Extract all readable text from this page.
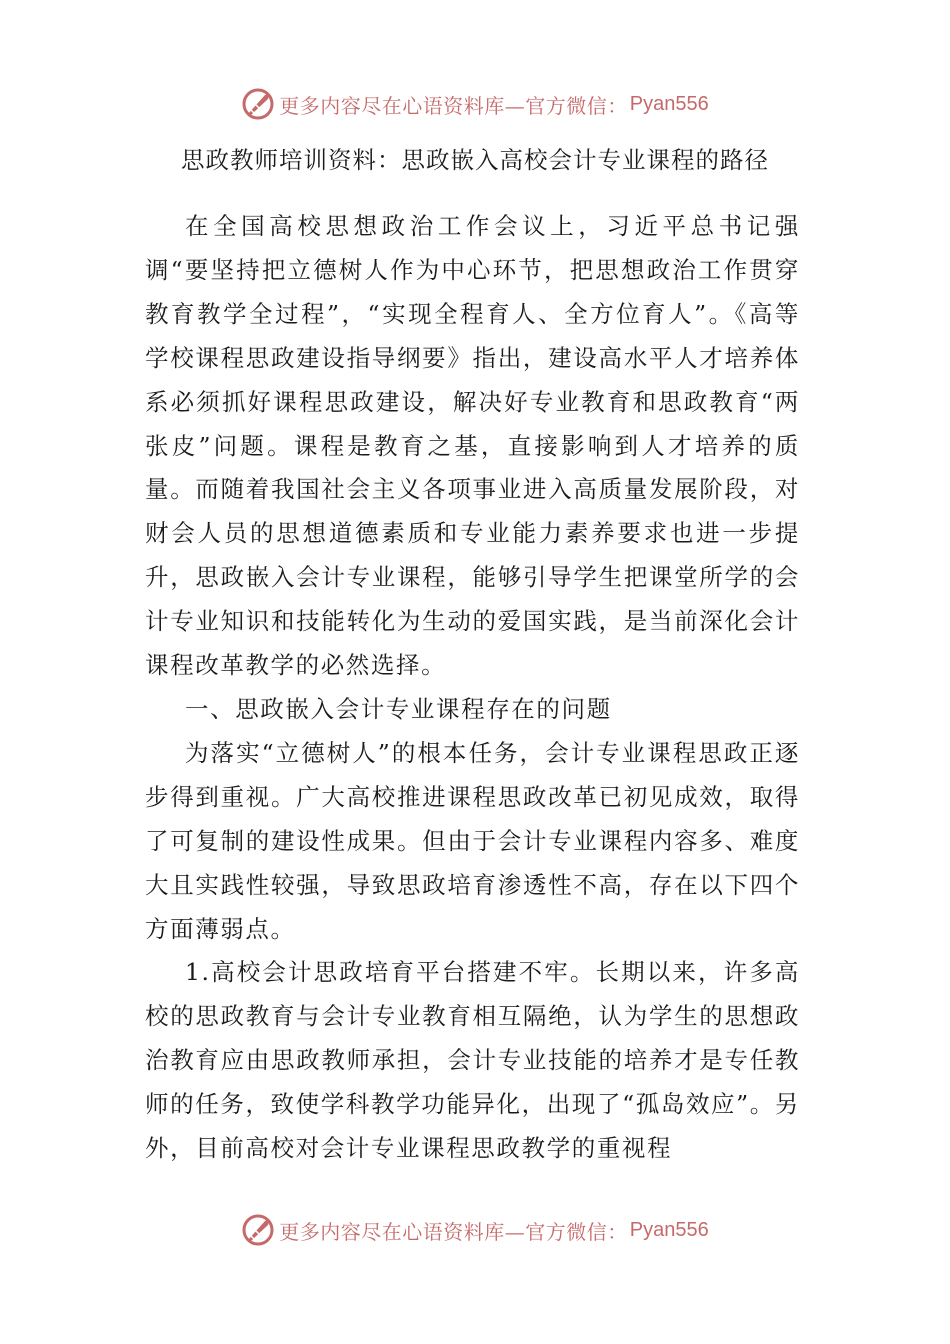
更多内容尽在心语资料库—官方微信： Pyan556
思政教师培训资料：思政嵌入高校会计专业课程的路径

在全国高校思想政治工作会议上，习近平总书记强调“要坚持把立德树人作为中心环节，把思想政治工作贯穿教育教学全过程”，“实现全程育人、全方位育人”。《高等学校课程思政建设指导纲要》指出，建设高水平人才培养体系必须抓好课程思政建设，解决好专业教育和思政教育“两张皮”问题。课程是教育之基，直接影响到人才培养的质量。而随着我国社会主义各项事业进入高质量发展阶段，对财会人员的思想道德素质和专业能力素养要求也进一步提升，思政嵌入会计专业课程，能够引导学生把课堂所学的会计专业知识和技能转化为生动的爱国实践，是当前深化会计课程改革教学的必然选择。

一、思政嵌入会计专业课程存在的问题

为落实“立德树人”的根本任务，会计专业课程思政正逐步得到重视。广大高校推进课程思政改革已初见成效，取得了可复制的建设性成果。但由于会计专业课程内容多、难度大且实践性较强，导致思政培育渗透性不高，存在以下四个方面薄弱点。

1.高校会计思政培育平台搭建不牢。长期以来，许多高校的思政教育与会计专业教育相互隔绝，认为学生的思想政治教育应由思政教师承担，会计专业技能的培养才是专任教师的任务，致使学科教学功能异化，出现了“孤岛效应”。另外，目前高校对会计专业课程思政教学的重视程

更多内容尽在心语资料库—官方微信： Pyan556
